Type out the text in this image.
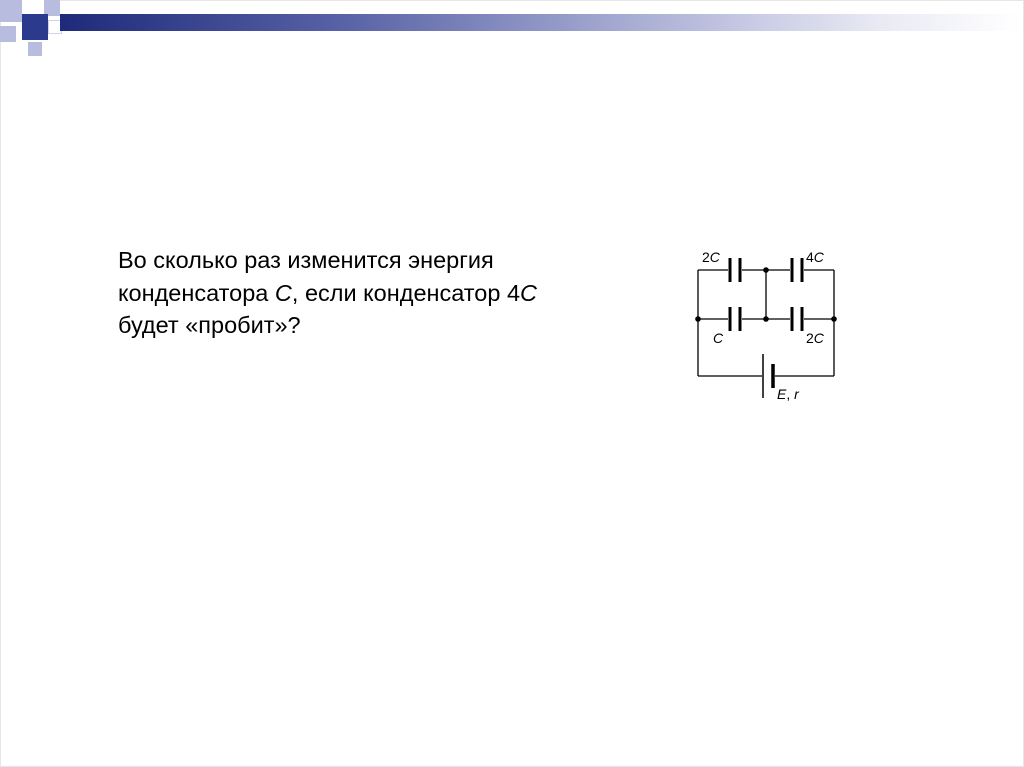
Во сколько раз изменится энергия конденсатора C, если конденсатор 4C будет «пробит»?

2C	4C
C	2C
E, r
